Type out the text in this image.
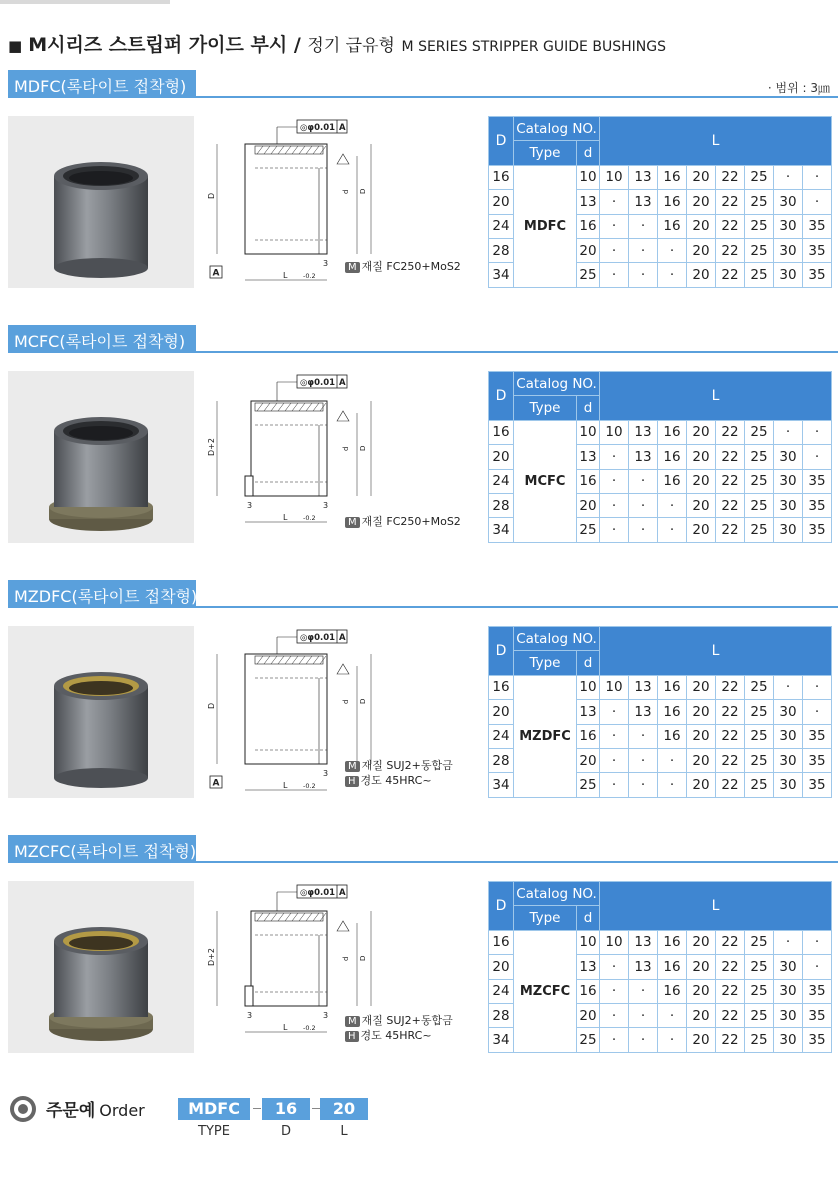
■ M시리즈 스트립퍼 가이드 부시 / 정기 급유형 M SERIES STRIPPER GUIDE BUSHINGS
· 범위 : 3㎛
MDFC(록타이트 접착형)
◎φ0.01 A
d D
D
A	L -0.2
3	M 재질 FC250+MoS2
D	Catalog NO.		L							
	Type	d								
16	MDFC	10	10	13	16	20	22	25	·	·
20		13	·	13	16	20	22	25	30	·
24		16	·	·	16	20	22	25	30	35
28		20	·	·	·	20	22	25	30	35
34		25	·	·	·	20	22	25	30	35
MCFC(록타이트 접착형)
◎φ0.01 A
d D
D+2
L -0.2
3
3
M 재질 FC250+MoS2
D	Catalog NO.		L							
	Type	d								
16	MCFC	10	10	13	16	20	22	25	·	·
20		13	·	13	16	20	22	25	30	·
24		16	·	·	16	20	22	25	30	35
28		20	·	·	·	20	22	25	30	35
34		25	·	·	·	20	22	25	30	35
MZDFC(록타이트 접착형)
◎φ0.01 A
d D
D
A	L -0.2
3
M 재질 SUJ2+동합금
H 경도 45HRC~
D	Catalog NO.		L							
	Type	d								
16	MZDFC	10	10	13	16	20	22	25	·	·
20		13	·	13	16	20	22	25	30	·
24		16	·	·	16	20	22	25	30	35
28		20	·	·	·	20	22	25	30	35
34		25	·	·	·	20	22	25	30	35
MZCFC(록타이트 접착형)
◎φ0.01 A
d D
D+2
L -0.2
3
3
M 재질 SUJ2+동합금
H 경도 45HRC~
D	Catalog NO.		L							
	Type	d								
16	MZCFC	10	10	13	16	20	22	25	·	·
20		13	·	13	16	20	22	25	30	·
24		16	·	·	16	20	22	25	30	35
28		20	·	·	·	20	22	25	30	35
34		25	·	·	·	20	22	25	30	35
주문예 Order	MDFC	16	20
TYPE	D	L
